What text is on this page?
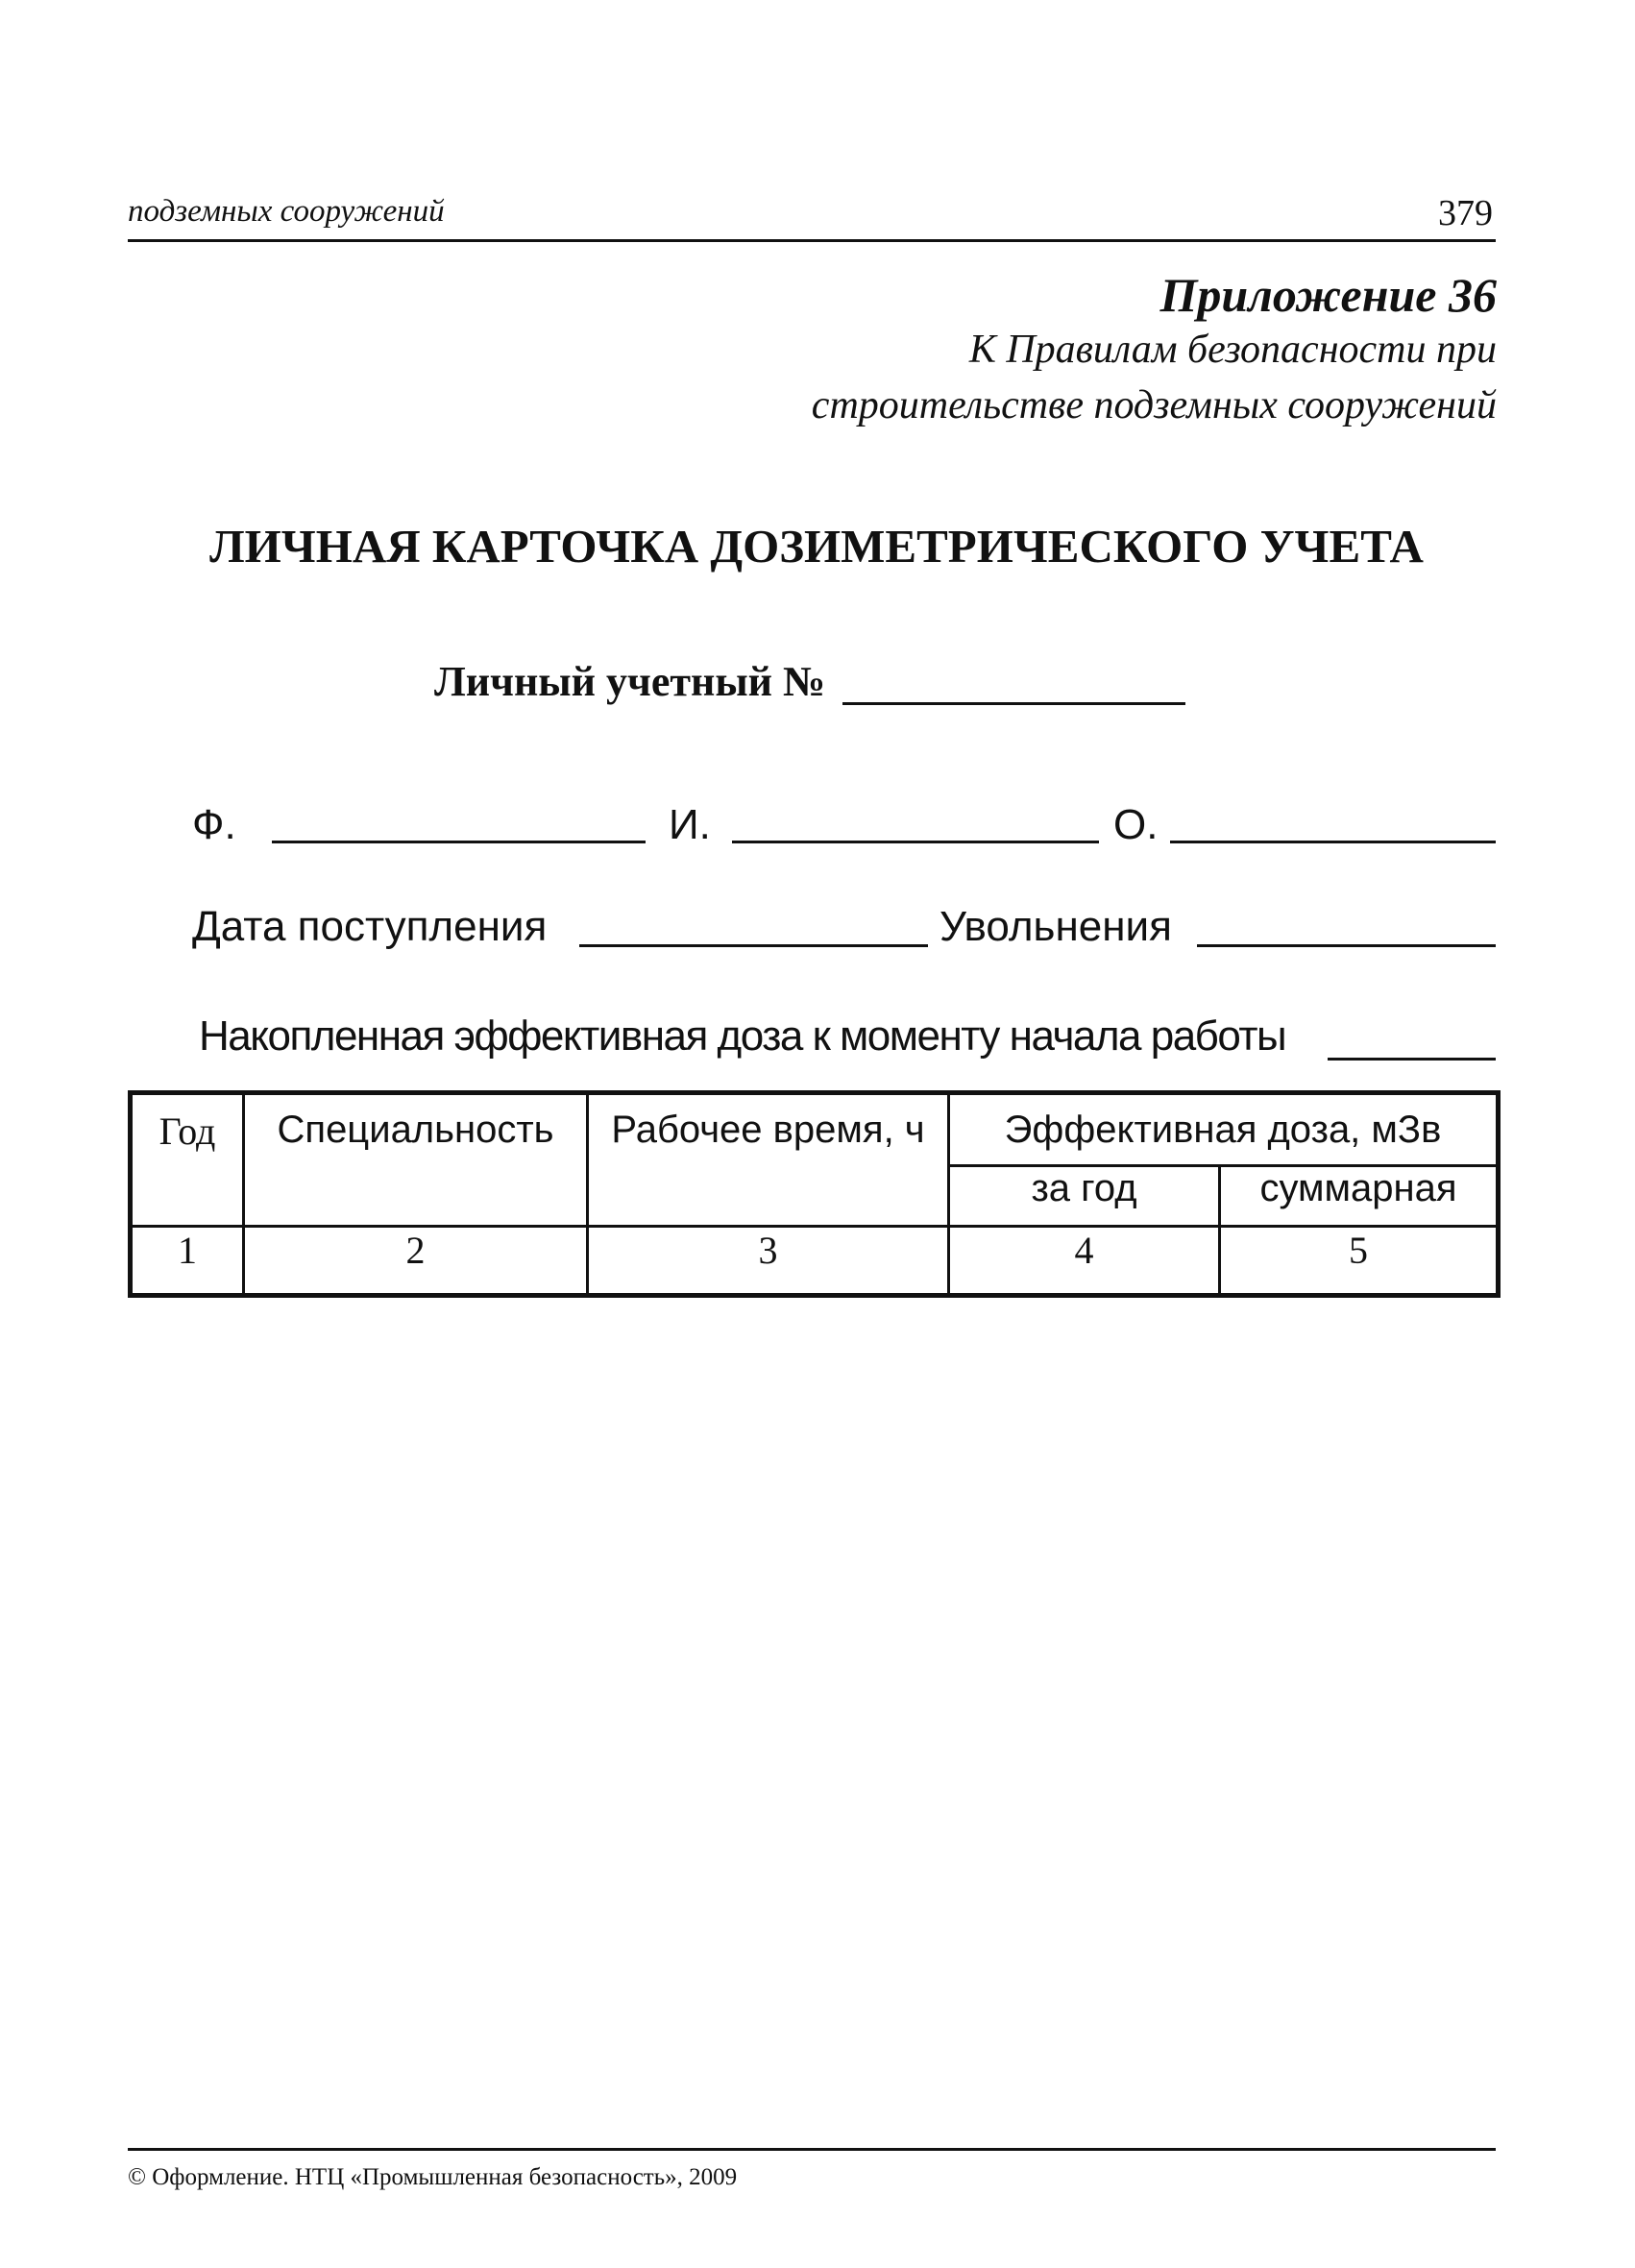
подземных сооружений	379
Приложение 36
К Правилам безопасности при
строительстве подземных сооружений
ЛИЧНАЯ КАРТОЧКА ДОЗИМЕТРИЧЕСКОГО УЧЕТА
Личный учетный №
Ф.	И.	О.
Дата поступления	Увольнения
Накопленная эффективная доза к моменту начала работы
Год	Специальность	Рабочее время, ч	Эффективная доза, мЗв	
			за год	суммарная
1	2	3	4	5
© Оформление. НТЦ «Промышленная безопасность», 2009
